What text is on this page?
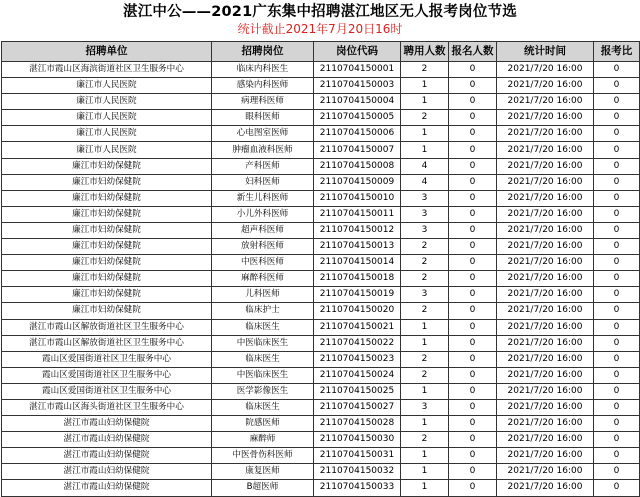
湛江中公——2021广东集中招聘湛江地区无人报考岗位节选
统计截止2021年7月20日16时
招聘单位	招聘岗位	岗位代码	聘用人数	报名人数	统计时间	报考比
湛江市霞山区海滨街道社区卫生服务中心	临床内科医生	2110704150001	2	0	2021/7/20 16:00	0
廉江市人民医院	感染内科医师	2110704150003	1	0	2021/7/20 16:00	0
廉江市人民医院	病理科医师	2110704150004	1	0	2021/7/20 16:00	0
廉江市人民医院	眼科医师	2110704150005	2	0	2021/7/20 16:00	0
廉江市人民医院	心电图室医师	2110704150006	1	0	2021/7/20 16:00	0
廉江市人民医院	肿瘤血液科医师	2110704150007	1	0	2021/7/20 16:00	0
廉江市妇幼保健院	产科医师	2110704150008	4	0	2021/7/20 16:00	0
廉江市妇幼保健院	妇科医师	2110704150009	4	0	2021/7/20 16:00	0
廉江市妇幼保健院	新生儿科医师	2110704150010	3	0	2021/7/20 16:00	0
廉江市妇幼保健院	小儿外科医师	2110704150011	3	0	2021/7/20 16:00	0
廉江市妇幼保健院	超声科医师	2110704150012	3	0	2021/7/20 16:00	0
廉江市妇幼保健院	放射科医师	2110704150013	2	0	2021/7/20 16:00	0
廉江市妇幼保健院	中医科医师	2110704150014	2	0	2021/7/20 16:00	0
廉江市妇幼保健院	麻醉科医师	2110704150018	2	0	2021/7/20 16:00	0
廉江市妇幼保健院	儿科医师	2110704150019	3	0	2021/7/20 16:00	0
廉江市妇幼保健院	临床护士	2110704150020	2	0	2021/7/20 16:00	0
湛江市霞山区解放街道社区卫生服务中心	临床医生	2110704150021	1	0	2021/7/20 16:00	0
湛江市霞山区解放街道社区卫生服务中心	中医临床医生	2110704150022	1	0	2021/7/20 16:00	0
霞山区爱国街道社区卫生服务中心	临床医生	2110704150023	2	0	2021/7/20 16:00	0
霞山区爱国街道社区卫生服务中心	中医临床医生	2110704150024	2	0	2021/7/20 16:00	0
霞山区爱国街道社区卫生服务中心	医学影像医生	2110704150025	1	0	2021/7/20 16:00	0
湛江市霞山区海头街道社区卫生服务中心	临床医生	2110704150027	3	0	2021/7/20 16:00	0
湛江市霞山妇幼保健院	院感医师	2110704150028	1	0	2021/7/20 16:00	0
湛江市霞山妇幼保健院	麻醉师	2110704150030	2	0	2021/7/20 16:00	0
湛江市霞山妇幼保健院	中医骨伤科医师	2110704150031	1	0	2021/7/20 16:00	0
湛江市霞山妇幼保健院	康复医师	2110704150032	1	0	2021/7/20 16:00	0
湛江市霞山妇幼保健院	B超医师	2110704150033	1	0	2021/7/20 16:00	0
